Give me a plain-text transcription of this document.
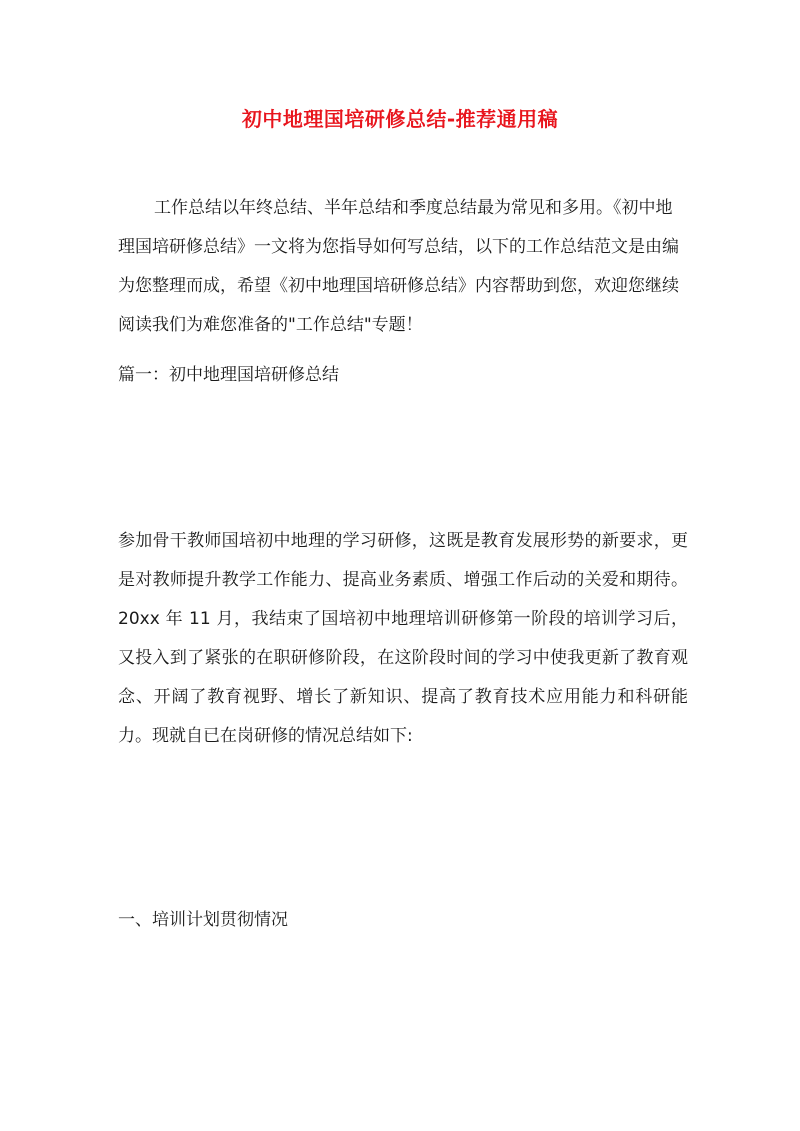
初中地理国培研修总结-推荐通用稿

工作总结以年终总结、半年总结和季度总结最为常见和多用。《初中地理国培研修总结》一文将为您指导如何写总结，以下的工作总结范文是由编为您整理而成，希望《初中地理国培研修总结》内容帮助到您，欢迎您继续阅读我们为难您准备的"工作总结"专题！

篇一：初中地理国培研修总结

参加骨干教师国培初中地理的学习研修，这既是教育发展形势的新要求，更是对教师提升教学工作能力、提高业务素质、增强工作后动的关爱和期待。20xx 年 11 月，我结束了国培初中地理培训研修第一阶段的培训学习后，又投入到了紧张的在职研修阶段，在这阶段时间的学习中使我更新了教育观念、开阔了教育视野、增长了新知识、提高了教育技术应用能力和科研能力。现就自已在岗研修的情况总结如下:

一、培训计划贯彻情况
